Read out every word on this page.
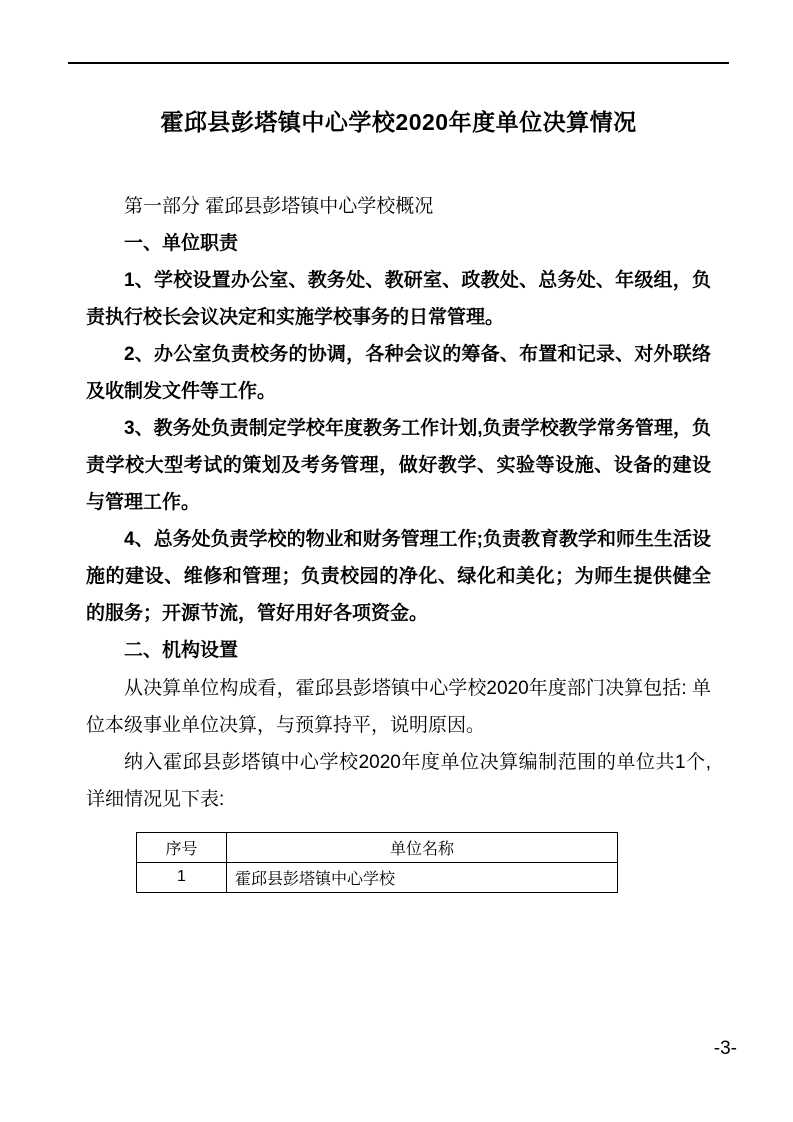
霍邱县彭塔镇中心学校2020年度单位决算情况

第一部分 霍邱县彭塔镇中心学校概况

一、单位职责

1、学校设置办公室、教务处、教研室、政教处、总务处、年级组，负责执行校长会议决定和实施学校事务的日常管理。

2、办公室负责校务的协调，各种会议的筹备、布置和记录、对外联络及收制发文件等工作。

3、教务处负责制定学校年度教务工作计划,负责学校教学常务管理，负责学校大型考试的策划及考务管理，做好教学、实验等设施、设备的建设与管理工作。

4、总务处负责学校的物业和财务管理工作;负责教育教学和师生生活设施的建设、维修和管理；负责校园的净化、绿化和美化；为师生提供健全的服务；开源节流，管好用好各项资金。

二、机构设置

从决算单位构成看，霍邱县彭塔镇中心学校2020年度部门决算包括: 单位本级事业单位决算，与预算持平，说明原因。

纳入霍邱县彭塔镇中心学校2020年度单位决算编制范围的单位共1个,详细情况见下表:

序号	单位名称
1	霍邱县彭塔镇中心学校
-3-
